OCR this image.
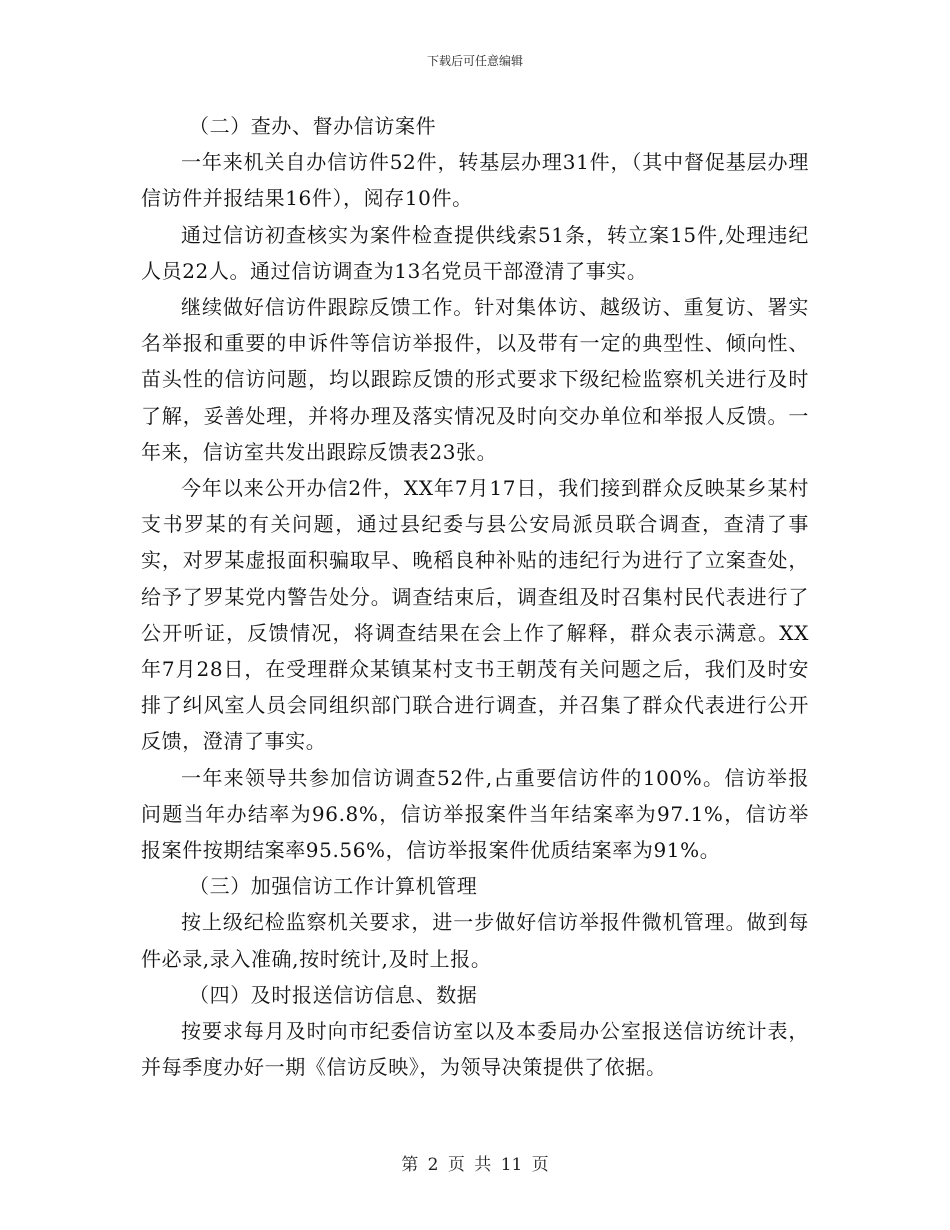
下载后可任意编辑

（二）查办、督办信访案件

一年来机关自办信访件52件，转基层办理31件，（其中督促基层办理信访件并报结果16件），阅存10件。

通过信访初查核实为案件检查提供线索51条，转立案15件,处理违纪人员22人。通过信访调查为13名党员干部澄清了事实。

继续做好信访件跟踪反馈工作。针对集体访、越级访、重复访、署实名举报和重要的申诉件等信访举报件，以及带有一定的典型性、倾向性、苗头性的信访问题，均以跟踪反馈的形式要求下级纪检监察机关进行及时了解，妥善处理，并将办理及落实情况及时向交办单位和举报人反馈。一年来，信访室共发出跟踪反馈表23张。

今年以来公开办信2件，XX年7月17日，我们接到群众反映某乡某村支书罗某的有关问题，通过县纪委与县公安局派员联合调查，查清了事实，对罗某虚报面积骗取早、晚稻良种补贴的违纪行为进行了立案查处，给予了罗某党内警告处分。调查结束后，调查组及时召集村民代表进行了公开听证，反馈情况，将调查结果在会上作了解释，群众表示满意。XX年7月28日，在受理群众某镇某村支书王朝茂有关问题之后，我们及时安排了纠风室人员会同组织部门联合进行调查，并召集了群众代表进行公开反馈，澄清了事实。

一年来领导共参加信访调查52件,占重要信访件的100%。信访举报问题当年办结率为96.8%，信访举报案件当年结案率为97.1%，信访举报案件按期结案率95.56%，信访举报案件优质结案率为91%。

（三）加强信访工作计算机管理

按上级纪检监察机关要求，进一步做好信访举报件微机管理。做到每件必录,录入准确,按时统计,及时上报。

（四）及时报送信访信息、数据

按要求每月及时向市纪委信访室以及本委局办公室报送信访统计表，并每季度办好一期《信访反映》，为领导决策提供了依据。

第 2 页 共 11 页
